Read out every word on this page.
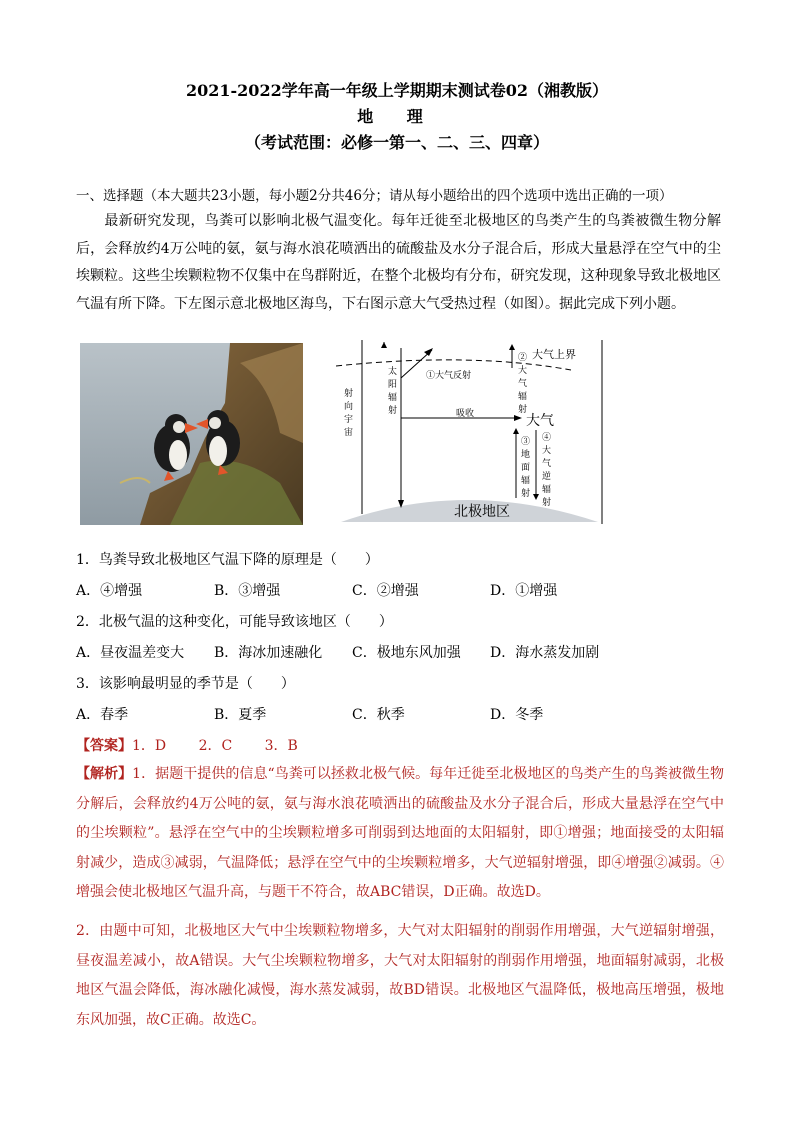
2021-2022学年高一年级上学期期末测试卷02（湘教版）
地 理
（考试范围：必修一第一、二、三、四章）
一、选择题（本大题共23小题，每小题2分共46分；请从每小题给出的四个选项中选出正确的一项）
最新研究发现，鸟粪可以影响北极气温变化。每年迁徙至北极地区的鸟类产生的鸟粪被微生物分解后，会释放约4万公吨的氨，氨与海水浪花喷洒出的硫酸盐及水分子混合后，形成大量悬浮在空气中的尘埃颗粒。这些尘埃颗粒物不仅集中在鸟群附近，在整个北极均有分布，研究发现，这种现象导致北极地区气温有所下降。下左图示意北极地区海鸟，下右图示意大气受热过程（如图）。据此完成下列小题。
大气上界
射向宇宙
太阳辐射
①大气反射
吸收	大气
②大气辐射
③地面辐射
④大气逆辐射
北极地区
1．鸟粪导致北极地区气温下降的原理是（　　）
A．④增强	B．③增强	C．②增强	D．①增强
2．北极气温的这种变化，可能导致该地区（　　）
A．昼夜温差变大 B．海冰加速融化 C．极地东风加强 D．海水蒸发加剧
3．该影响最明显的季节是（　　）
A．春季	B．夏季	C．秋季	D．冬季
【答案】1．D　　 2．C　　 3．B
【解析】1．据题干提供的信息“鸟粪可以拯救北极气候。每年迁徙至北极地区的鸟类产生的鸟粪被微生物分解后，会释放约4万公吨的氨，氨与海水浪花喷洒出的硫酸盐及水分子混合后，形成大量悬浮在空气中的尘埃颗粒”。悬浮在空气中的尘埃颗粒增多可削弱到达地面的太阳辐射，即①增强；地面接受的太阳辐射减少，造成③减弱，气温降低；悬浮在空气中的尘埃颗粒增多，大气逆辐射增强，即④增强②减弱。④增强会使北极地区气温升高，与题干不符合，故ABC错误，D正确。故选D。
2．由题中可知，北极地区大气中尘埃颗粒物增多，大气对太阳辐射的削弱作用增强，大气逆辐射增强，昼夜温差减小，故A错误。大气尘埃颗粒物增多，大气对太阳辐射的削弱作用增强，地面辐射减弱，北极地区气温会降低，海冰融化减慢，海水蒸发减弱，故BD错误。北极地区气温降低，极地高压增强，极地东风加强，故C正确。故选C。
